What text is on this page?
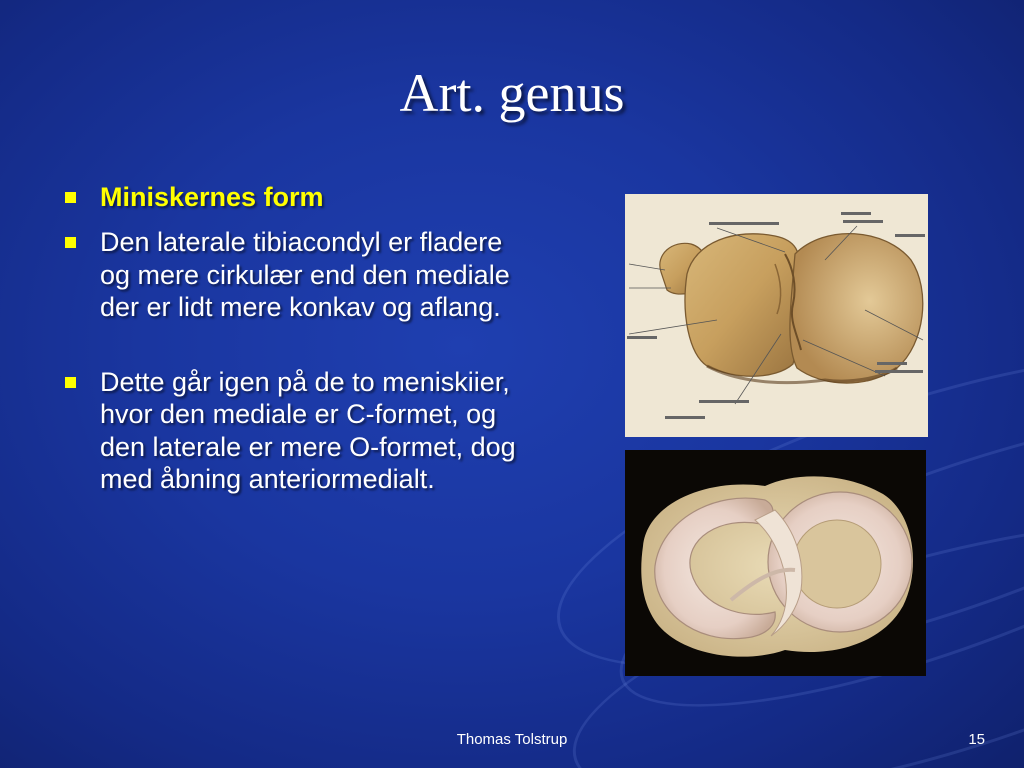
Art. genus
Miniskernes form
Den laterale tibiacondyl er fladere og mere cirkulær end den mediale der er lidt mere konkav og aflang.
Dette går igen på de to meniskiier, hvor den mediale er C-formet, og den laterale er mere O-formet, dog med åbning anteriormedialt.
Thomas Tolstrup	15
